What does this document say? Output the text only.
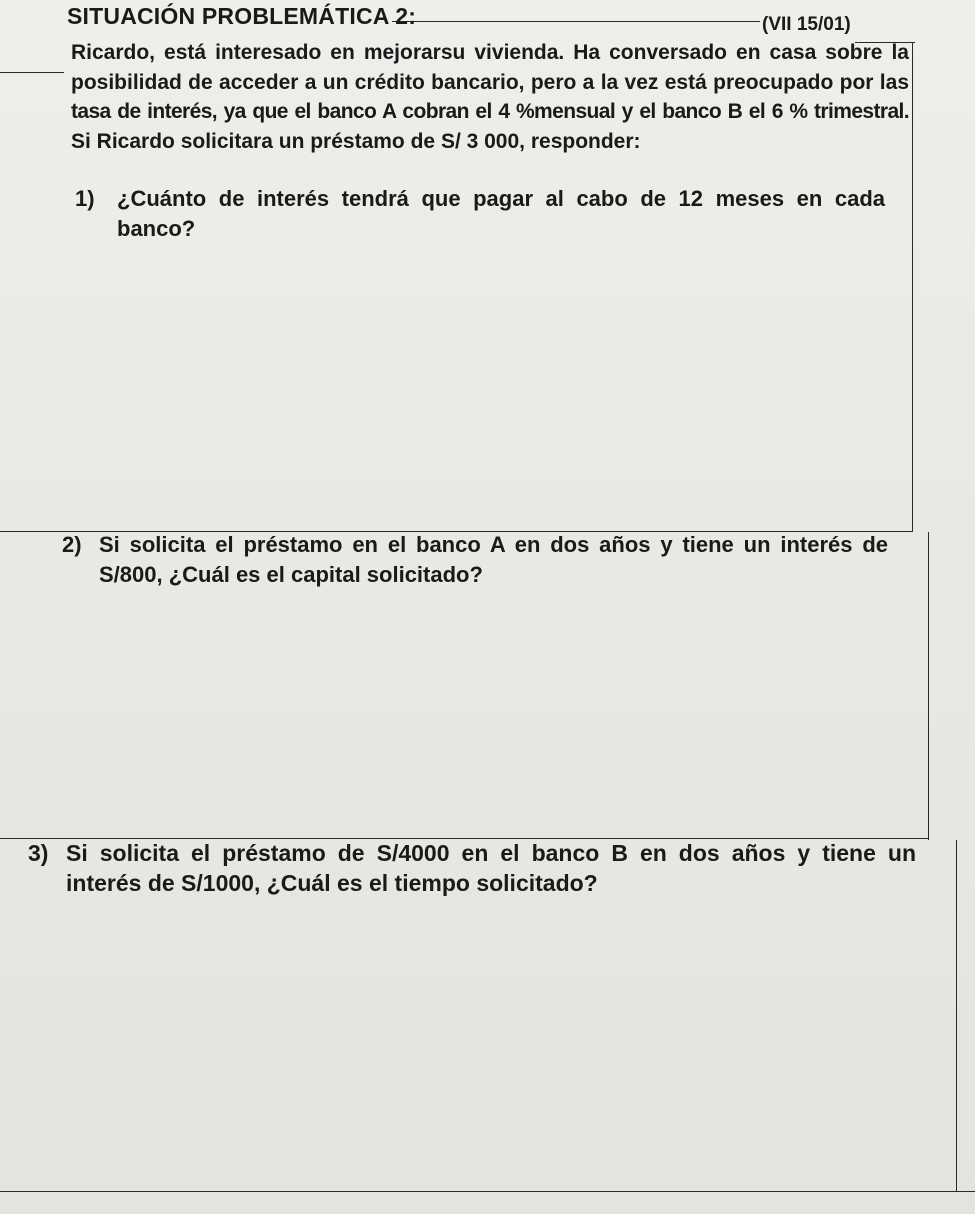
SITUACIÓN PROBLEMÁTICA 2:	(VII 15/01)
Ricardo, está interesado en mejorarsu vivienda. Ha conversado en casa sobre la
posibilidad de acceder a un crédito bancario, pero a la vez está preocupado por las
tasa de interés, ya que el banco A cobran el 4 %mensual y el banco B el 6 % trimestral.
Si Ricardo solicitara un préstamo de S/ 3 000, responder:
1) ¿Cuánto de interés tendrá que pagar al cabo de 12 meses en cada
banco?
2) Si solicita el préstamo en el banco A en dos años y tiene un interés de
S/800, ¿Cuál es el capital solicitado?
3) Si solicita el préstamo de S/4000 en el banco B en dos años y tiene un
interés de S/1000, ¿Cuál es el tiempo solicitado?
